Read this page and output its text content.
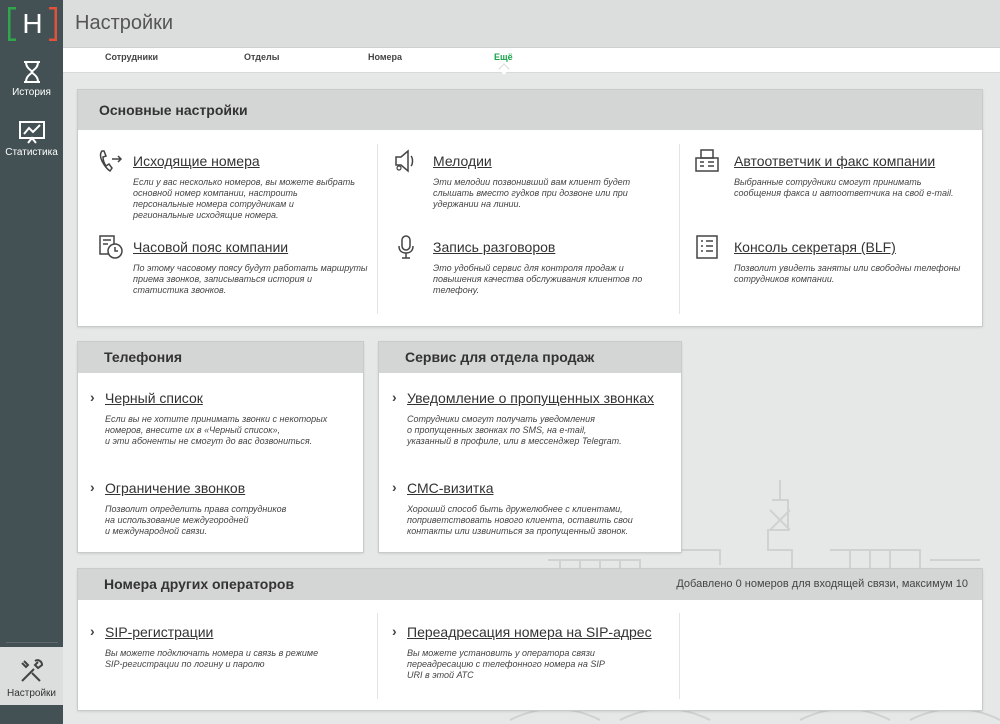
H
История
Статистика
Настройки
Настройки
Сотрудники	Отделы	Номера	Ещё
Основные настройки
Исходящие номера
Если у вас несколько номеров, вы можете выбрать
основной номер компании, настроить
персональные номера сотрудникам и
региональные исходящие номера.
Мелодии
Эти мелодии позвонивший вам клиент будет
слышать вместо гудков при дозвоне или при
удержании на линии.
Автоответчик и факс компании
Выбранные сотрудники смогут принимать
сообщения факса и автоответчика на свой e-mail.
Часовой пояс компании
По этому часовому поясу будут работать маршруты
приема звонков, записываться история и
статистика звонков.
Запись разговоров
Это удобный сервис для контроля продаж и
повышения качества обслуживания клиентов по
телефону.
Консоль секретаря (BLF)
Позволит увидеть заняты или свободны телефоны
сотрудников компании.
Телефония
› Черный список
Если вы не хотите принимать звонки с некоторых
номеров, внесите их в «Черный список»,
и эти абоненты не смогут до вас дозвониться.
› Ограничение звонков
Позволит определить права сотрудников
на использование междугородней
и международной связи.
Сервис для отдела продаж
› Уведомление о пропущенных звонках
Сотрудники смогут получать уведомления
о пропущенных звонках по SMS, на e-mail,
указанный в профиле, или в мессенджер Telegram.
› СМС-визитка
Хороший способ быть дружелюбнее с клиентами,
поприветствовать нового клиента, оставить свои
контакты или извиниться за пропущенный звонок.
Номера других операторов	Добавлено 0 номеров для входящей связи, максимум 10
› SIP-регистрации
Вы можете подключать номера и связь в режиме
SIP-регистрации по логину и паролю
› Переадресация номера на SIP-адрес
Вы можете установить у оператора связи
переадресацию с телефонного номера на SIP
URI в этой АТС
